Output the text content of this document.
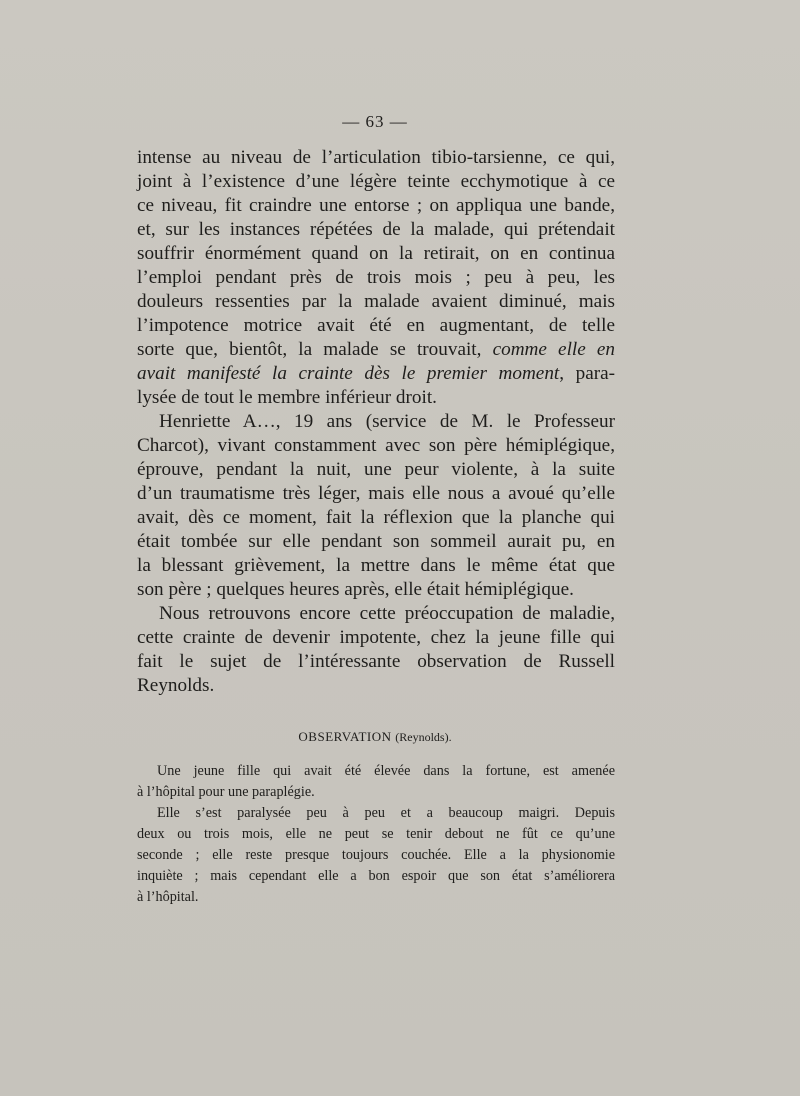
— 63 —
intense au niveau de l’articulation tibio-tarsienne, ce qui,
joint à l’existence d’une légère teinte ecchymotique à ce
ce niveau, fit craindre une entorse ; on appliqua une bande,
et, sur les instances répétées de la malade, qui prétendait
souffrir énormément quand on la retirait, on en continua
l’emploi pendant près de trois mois ; peu à peu, les
douleurs ressenties par la malade avaient diminué, mais
l’impotence motrice avait été en augmentant, de telle
sorte que, bientôt, la malade se trouvait, comme elle en
avait manifesté la crainte dès le premier moment, para-
lysée de tout le membre inférieur droit.
Henriette A…, 19 ans (service de M. le Professeur
Charcot), vivant constamment avec son père hémiplégique,
éprouve, pendant la nuit, une peur violente, à la suite
d’un traumatisme très léger, mais elle nous a avoué qu’elle
avait, dès ce moment, fait la réflexion que la planche qui
était tombée sur elle pendant son sommeil aurait pu, en
la blessant grièvement, la mettre dans le même état que
son père ; quelques heures après, elle était hémiplégique.
Nous retrouvons encore cette préoccupation de maladie,
cette crainte de devenir impotente, chez la jeune fille qui
fait le sujet de l’intéressante observation de Russell
Reynolds.
OBSERVATION (Reynolds).
Une jeune fille qui avait été élevée dans la fortune, est amenée
à l’hôpital pour une paraplégie.
Elle s’est paralysée peu à peu et a beaucoup maigri. Depuis
deux ou trois mois, elle ne peut se tenir debout ne fût ce qu’une
seconde ; elle reste presque toujours couchée. Elle a la physionomie
inquiète ; mais cependant elle a bon espoir que son état s’améliorera
à l’hôpital.
